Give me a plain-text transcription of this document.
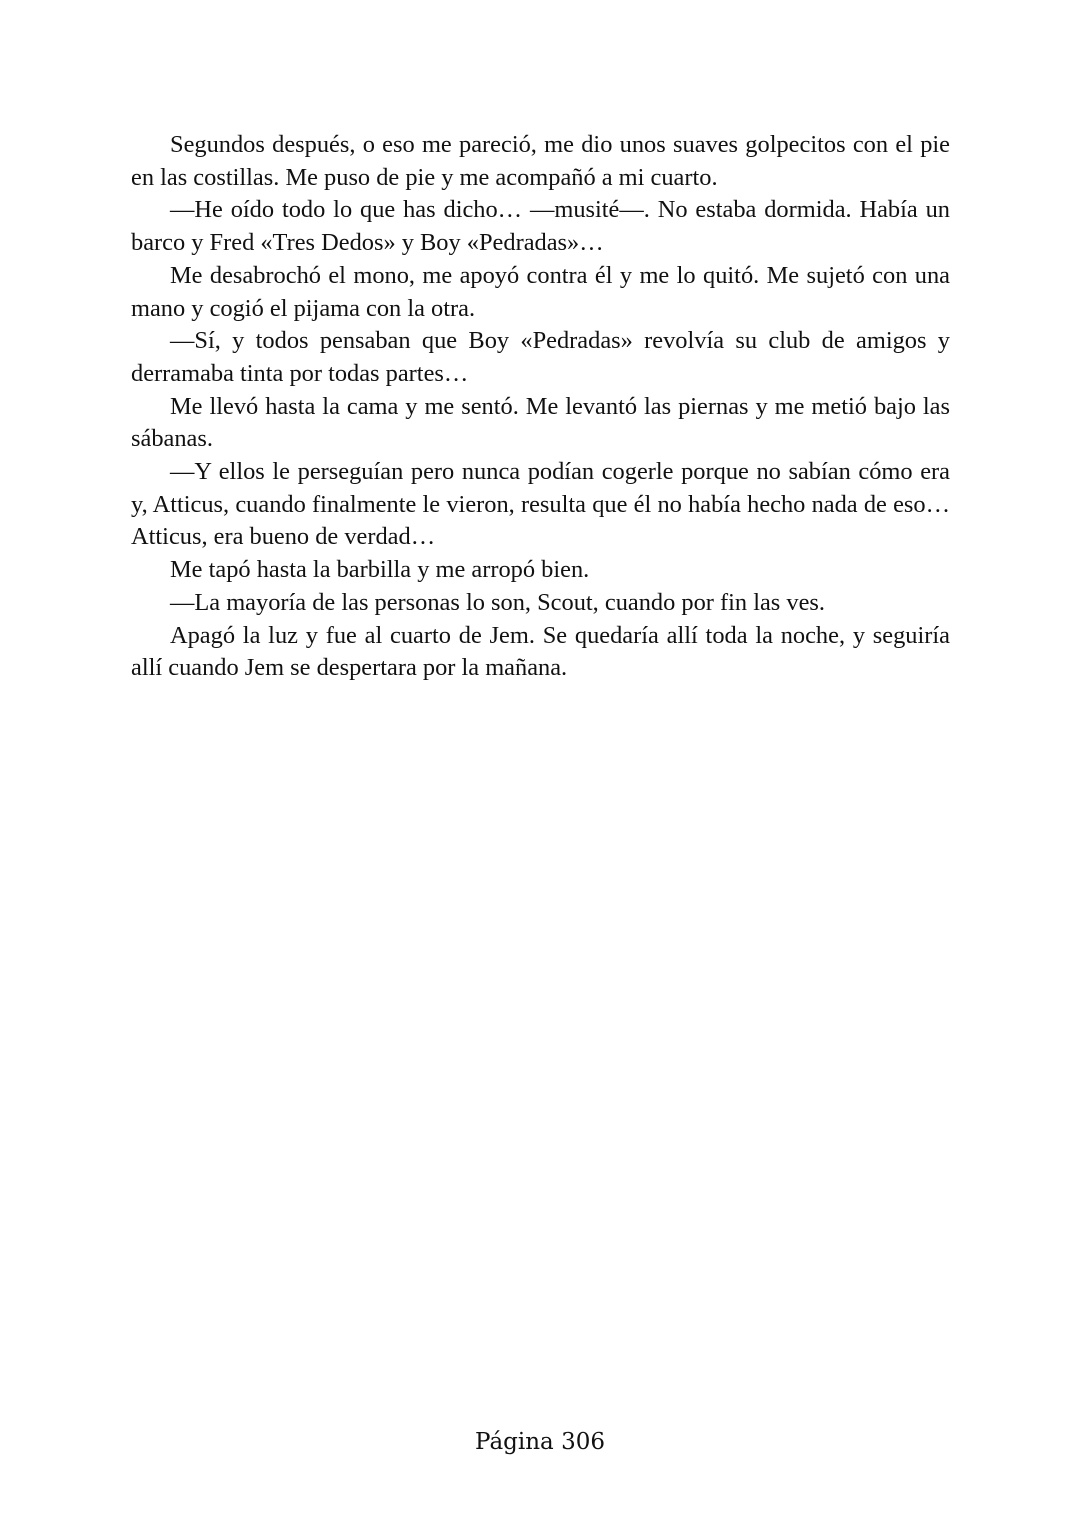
Segundos después, o eso me pareció, me dio unos suaves golpecitos con el pie en las costillas. Me puso de pie y me acompañó a mi cuarto.

—He oído todo lo que has dicho… —musité—. No estaba dormida. Había un barco y Fred «Tres Dedos» y Boy «Pedradas»…

Me desabrochó el mono, me apoyó contra él y me lo quitó. Me sujetó con una mano y cogió el pijama con la otra.

—Sí, y todos pensaban que Boy «Pedradas» revolvía su club de amigos y derramaba tinta por todas partes…

Me llevó hasta la cama y me sentó. Me levantó las piernas y me metió bajo las sábanas.

—Y ellos le perseguían pero nunca podían cogerle porque no sabían cómo era y, Atticus, cuando finalmente le vieron, resulta que él no había hecho nada de eso… Atticus, era bueno de verdad…

Me tapó hasta la barbilla y me arropó bien.

—La mayoría de las personas lo son, Scout, cuando por fin las ves.

Apagó la luz y fue al cuarto de Jem. Se quedaría allí toda la noche, y seguiría allí cuando Jem se despertara por la mañana.

Página 306
